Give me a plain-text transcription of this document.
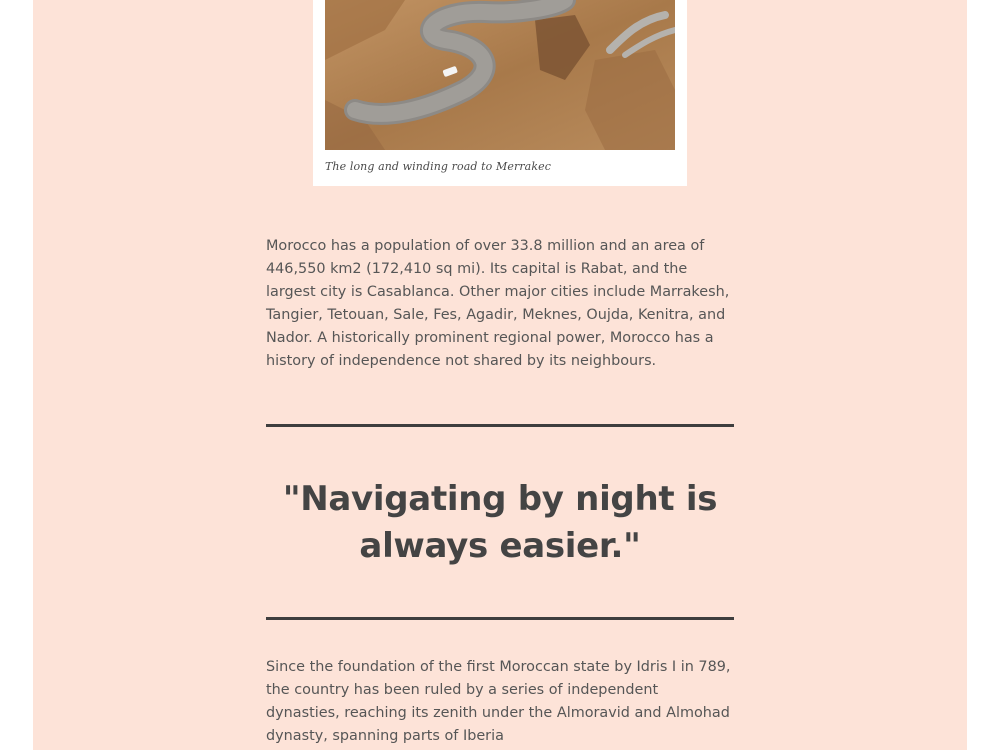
The long and winding road to Merrakec

Morocco has a population of over 33.8 million and an area of 446,550 km2 (172,410 sq mi). Its capital is Rabat, and the largest city is Casablanca. Other major cities include Marrakesh, Tangier, Tetouan, Sale, Fes, Agadir, Meknes, Oujda, Kenitra, and Nador. A historically prominent regional power, Morocco has a history of independence not shared by its neighbours.

"Navigating by night is always easier."

Since the foundation of the first Moroccan state by Idris I in 789, the country has been ruled by a series of independent dynasties, reaching its zenith under the Almoravid and Almohad dynasty, spanning parts of Iberia
